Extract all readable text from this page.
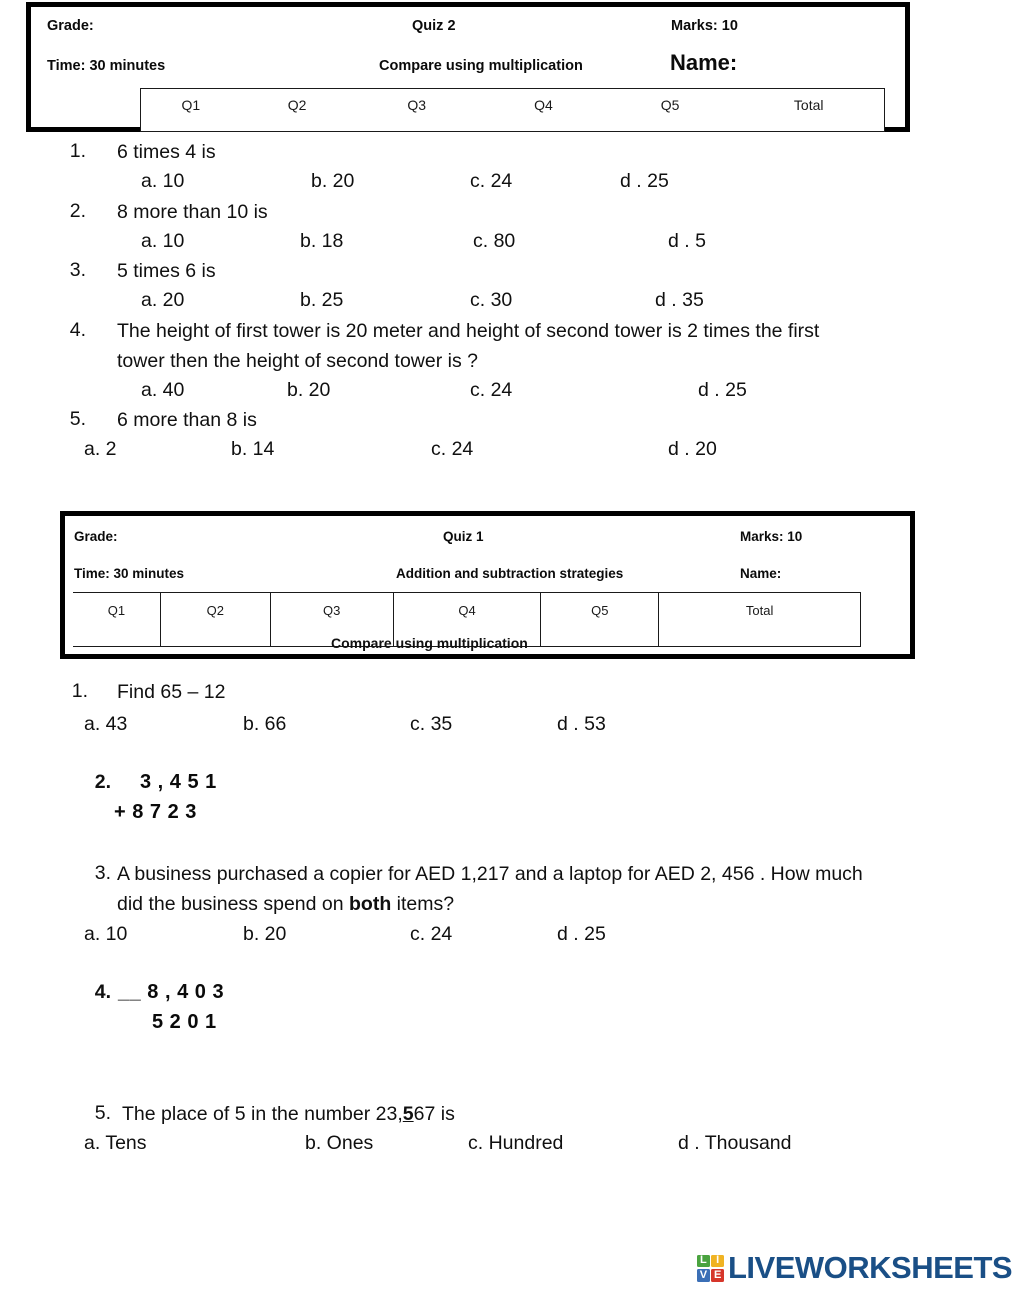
Grade:	Quiz 2	Marks: 10
Time: 30 minutes	Compare using multiplication	Name:
Q1	Q2	Q3	Q4	Q5	Total
1. 6 times 4 is
a. 10	b. 20	c. 24	d . 25
2. 8 more than 10 is
a. 10	b. 18	c. 80	d . 5
3. 5 times 6 is
a. 20	b. 25	c. 30	d . 35
4. The height of first tower is 20 meter and height of second tower is 2 times the first
tower then the height of second tower is ?
a. 40	b. 20	c. 24	d . 25
5. 6 more than 8 is
a. 2	b. 14	c. 24	d . 20
Grade:	Quiz 1	Marks: 10
Time: 30 minutes	Addition and subtraction strategies	Name:
Q1	Q2	Q3	Q4	Q5	Total
Compare using multiplication
1. Find 65 – 12
a. 43	b. 66	c. 35	d . 53
2. 3 , 4 5 1
+ 8 7 2 3
3. A business purchased a copier for AED 1,217 and a laptop for AED 2, 456 . How much
did the business spend on both items?
a. 10	b. 20	c. 24	d . 25
4. __ 8 , 4 0 3
5 2 0 1
5. The place of 5 in the number 23,567 is
a. Tens	b. Ones	c. Hundred	d . Thousand
L I
V E LIVEWORKSHEETS
